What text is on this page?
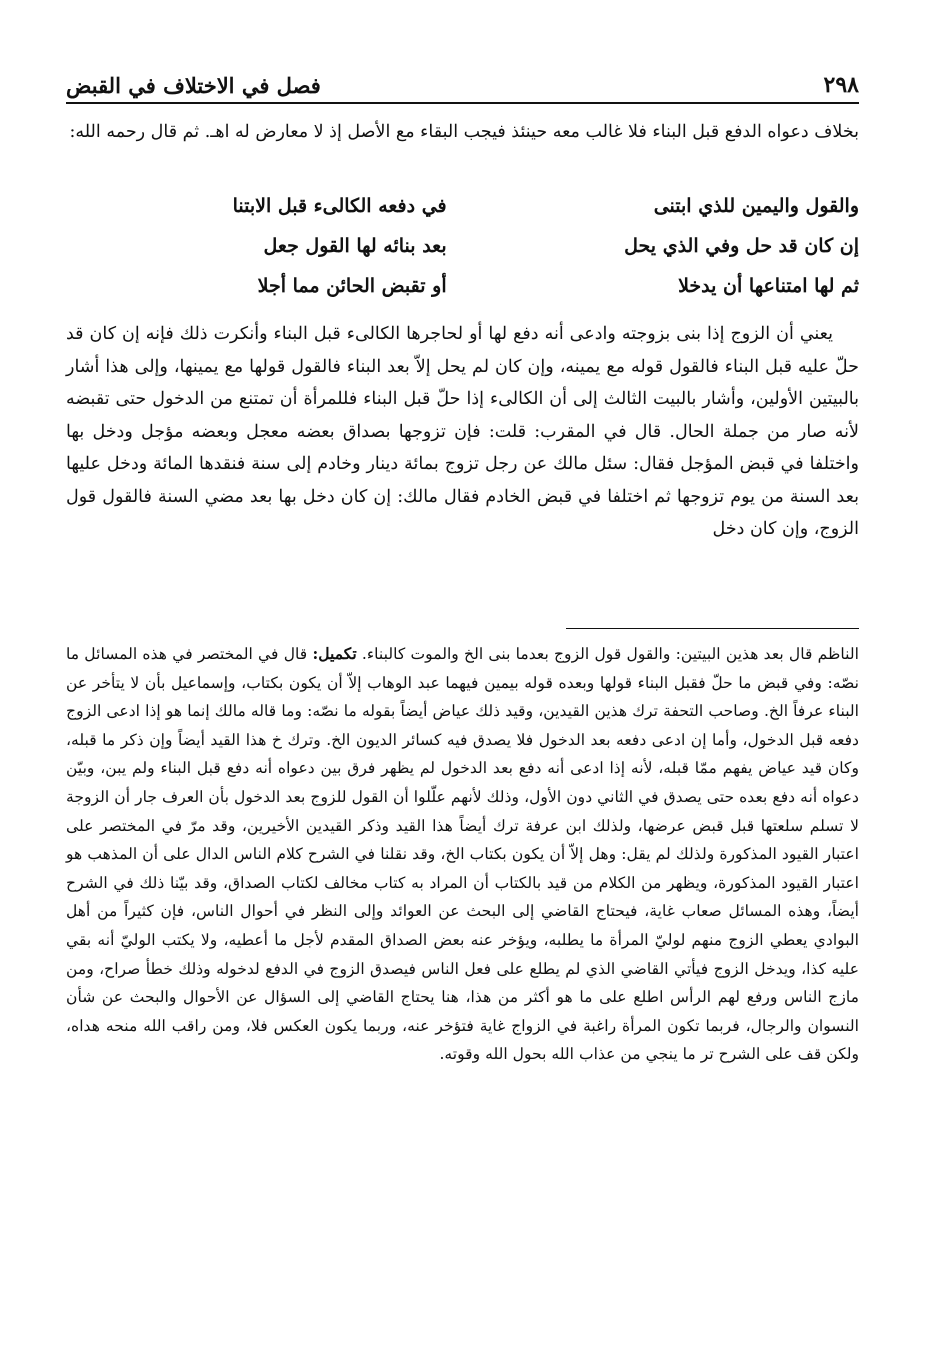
٢٩٨
فصل في الاختلاف في القبض

بخلاف دعواه الدفع قبل البناء فلا غالب معه حينئذ فيجب البقاء مع الأصل إذ لا معارض له اهـ. ثم قال رحمه الله:

والقول واليمين للذي ابتنى
في دفعه الكالىء قبل الابتنا
إن كان قد حل وفي الذي يحل
بعد بنائه لها القول جعل
ثم لها امتناعها أن يدخلا
أو تقبض الحائن مما أجلا

يعني أن الزوج إذا بنى بزوجته وادعى أنه دفع لها أو لحاجرها الكالىء قبل البناء وأنكرت ذلك فإنه إن كان قد حلّ عليه قبل البناء فالقول قوله مع يمينه، وإن كان لم يحل إلاّ بعد البناء فالقول قولها مع يمينها، وإلى هذا أشار بالبيتين الأولين، وأشار بالبيت الثالث إلى أن الكالىء إذا حلّ قبل البناء فللمرأة أن تمتنع من الدخول حتى تقبضه لأنه صار من جملة الحال. قال في المقرب: قلت: فإن تزوجها بصداق بعضه معجل وبعضه مؤجل ودخل بها واختلفا في قبض المؤجل فقال: سئل مالك عن رجل تزوج بمائة دينار وخادم إلى سنة فنقدها المائة ودخل عليها بعد السنة من يوم تزوجها ثم اختلفا في قبض الخادم فقال مالك: إن كان دخل بها بعد مضي السنة فالقول قول الزوج، وإن كان دخل

الناظم قال بعد هذين البيتين: والقول قول الزوج بعدما بنى الخ والموت كالبناء. تكميل: قال في المختصر في هذه المسائل ما نصّه: وفي قبض ما حلّ فقبل البناء قولها وبعده قوله بيمين فيهما عبد الوهاب إلاّ أن يكون بكتاب، وإسماعيل بأن لا يتأخر عن البناء عرفاً الخ. وصاحب التحفة ترك هذين القيدين، وقيد ذلك عياض أيضاً بقوله ما نصّه: وما قاله مالك إنما هو إذا ادعى الزوج دفعه قبل الدخول، وأما إن ادعى دفعه بعد الدخول فلا يصدق فيه كسائر الديون الخ. وترك خ هذا القيد أيضاً وإن ذكر ما قبله، وكان قيد عياض يفهم ممّا قبله، لأنه إذا ادعى أنه دفع بعد الدخول لم يظهر فرق بين دعواه أنه دفع قبل البناء ولم يبن، وبيّن دعواه أنه دفع بعده حتى يصدق في الثاني دون الأول، وذلك لأنهم علّلوا أن القول للزوج بعد الدخول بأن العرف جار أن الزوجة لا تسلم سلعتها قبل قبض عرضها، ولذلك ابن عرفة ترك أيضاً هذا القيد وذكر القيدين الأخيرين، وقد مرّ في المختصر على اعتبار القيود المذكورة ولذلك لم يقل: وهل إلاّ أن يكون بكتاب الخ، وقد نقلنا في الشرح كلام الناس الدال على أن المذهب هو اعتبار القيود المذكورة، ويظهر من الكلام من قيد بالكتاب أن المراد به كتاب مخالف لكتاب الصداق، وقد بيّنا ذلك في الشرح أيضاً، وهذه المسائل صعاب غاية، فيحتاج القاضي إلى البحث عن العوائد وإلى النظر في أحوال الناس، فإن كثيراً من أهل البوادي يعطي الزوج منهم لوليّ المرأة ما يطلبه، ويؤخر عنه بعض الصداق المقدم لأجل ما أعطيه، ولا يكتب الوليّ أنه بقي عليه كذا، ويدخل الزوج فيأتي القاضي الذي لم يطلع على فعل الناس فيصدق الزوج في الدفع لدخوله وذلك خطأ صراح، ومن مازج الناس ورفع لهم الرأس اطلع على ما هو أكثر من هذا، هنا يحتاج القاضي إلى السؤال عن الأحوال والبحث عن شأن النسوان والرجال، فربما تكون المرأة راغبة في الزواج غاية فتؤخر عنه، وربما يكون العكس فلا، ومن راقب الله منحه هداه، ولكن قف على الشرح تر ما ينجي من عذاب الله بحول الله وقوته.
